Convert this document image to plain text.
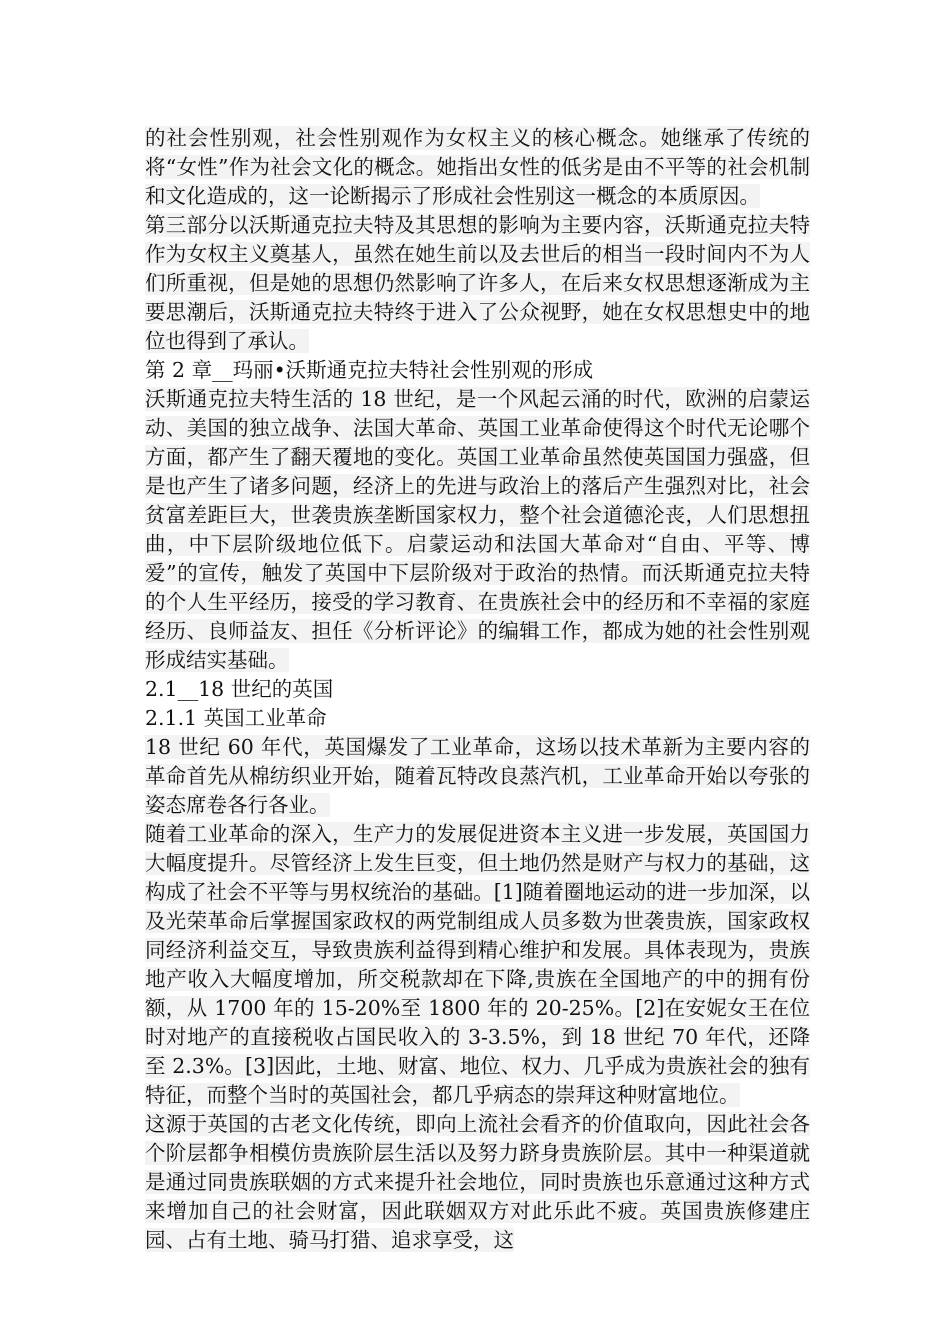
的社会性别观，社会性别观作为女权主义的核心概念。她继承了传统的将“女性”作为社会文化的概念。她指出女性的低劣是由不平等的社会机制和文化造成的，这一论断揭示了形成社会性别这一概念的本质原因。

第三部分以沃斯通克拉夫特及其思想的影响为主要内容，沃斯通克拉夫特作为女权主义奠基人，虽然在她生前以及去世后的相当一段时间内不为人们所重视，但是她的思想仍然影响了许多人，在后来女权思想逐渐成为主要思潮后，沃斯通克拉夫特终于进入了公众视野，她在女权思想史中的地位也得到了承认。

第 2 章__玛丽•沃斯通克拉夫特社会性别观的形成

沃斯通克拉夫特生活的 18 世纪，是一个风起云涌的时代，欧洲的启蒙运动、美国的独立战争、法国大革命、英国工业革命使得这个时代无论哪个方面，都产生了翻天覆地的变化。英国工业革命虽然使英国国力强盛，但是也产生了诸多问题，经济上的先进与政治上的落后产生强烈对比，社会贫富差距巨大，世袭贵族垄断国家权力，整个社会道德沦丧，人们思想扭曲，中下层阶级地位低下。启蒙运动和法国大革命对“自由、平等、博爱”的宣传，触发了英国中下层阶级对于政治的热情。而沃斯通克拉夫特的个人生平经历，接受的学习教育、在贵族社会中的经历和不幸福的家庭经历、良师益友、担任《分析评论》的编辑工作，都成为她的社会性别观形成结实基础。

2.1__18 世纪的英国

2.1.1 英国工业革命

18 世纪 60 年代，英国爆发了工业革命，这场以技术革新为主要内容的革命首先从棉纺织业开始，随着瓦特改良蒸汽机，工业革命开始以夸张的姿态席卷各行各业。

随着工业革命的深入，生产力的发展促进资本主义进一步发展，英国国力大幅度提升。尽管经济上发生巨变，但土地仍然是财产与权力的基础，这构成了社会不平等与男权统治的基础。[1]随着圈地运动的进一步加深，以及光荣革命后掌握国家政权的两党制组成人员多数为世袭贵族，国家政权同经济利益交互，导致贵族利益得到精心维护和发展。具体表现为，贵族地产收入大幅度增加，所交税款却在下降,贵族在全国地产的中的拥有份额，从 1700 年的 15-20%至 1800 年的 20-25%。[2]在安妮女王在位时对地产的直接税收占国民收入的 3-3.5%，到 18 世纪 70 年代，还降至 2.3%。[3]因此，土地、财富、地位、权力、几乎成为贵族社会的独有特征，而整个当时的英国社会，都几乎病态的崇拜这种财富地位。

这源于英国的古老文化传统，即向上流社会看齐的价值取向，因此社会各个阶层都争相模仿贵族阶层生活以及努力跻身贵族阶层。其中一种渠道就是通过同贵族联姻的方式来提升社会地位，同时贵族也乐意通过这种方式来增加自己的社会财富，因此联姻双方对此乐此不疲。英国贵族修建庄园、占有土地、骑马打猎、追求享受，这
